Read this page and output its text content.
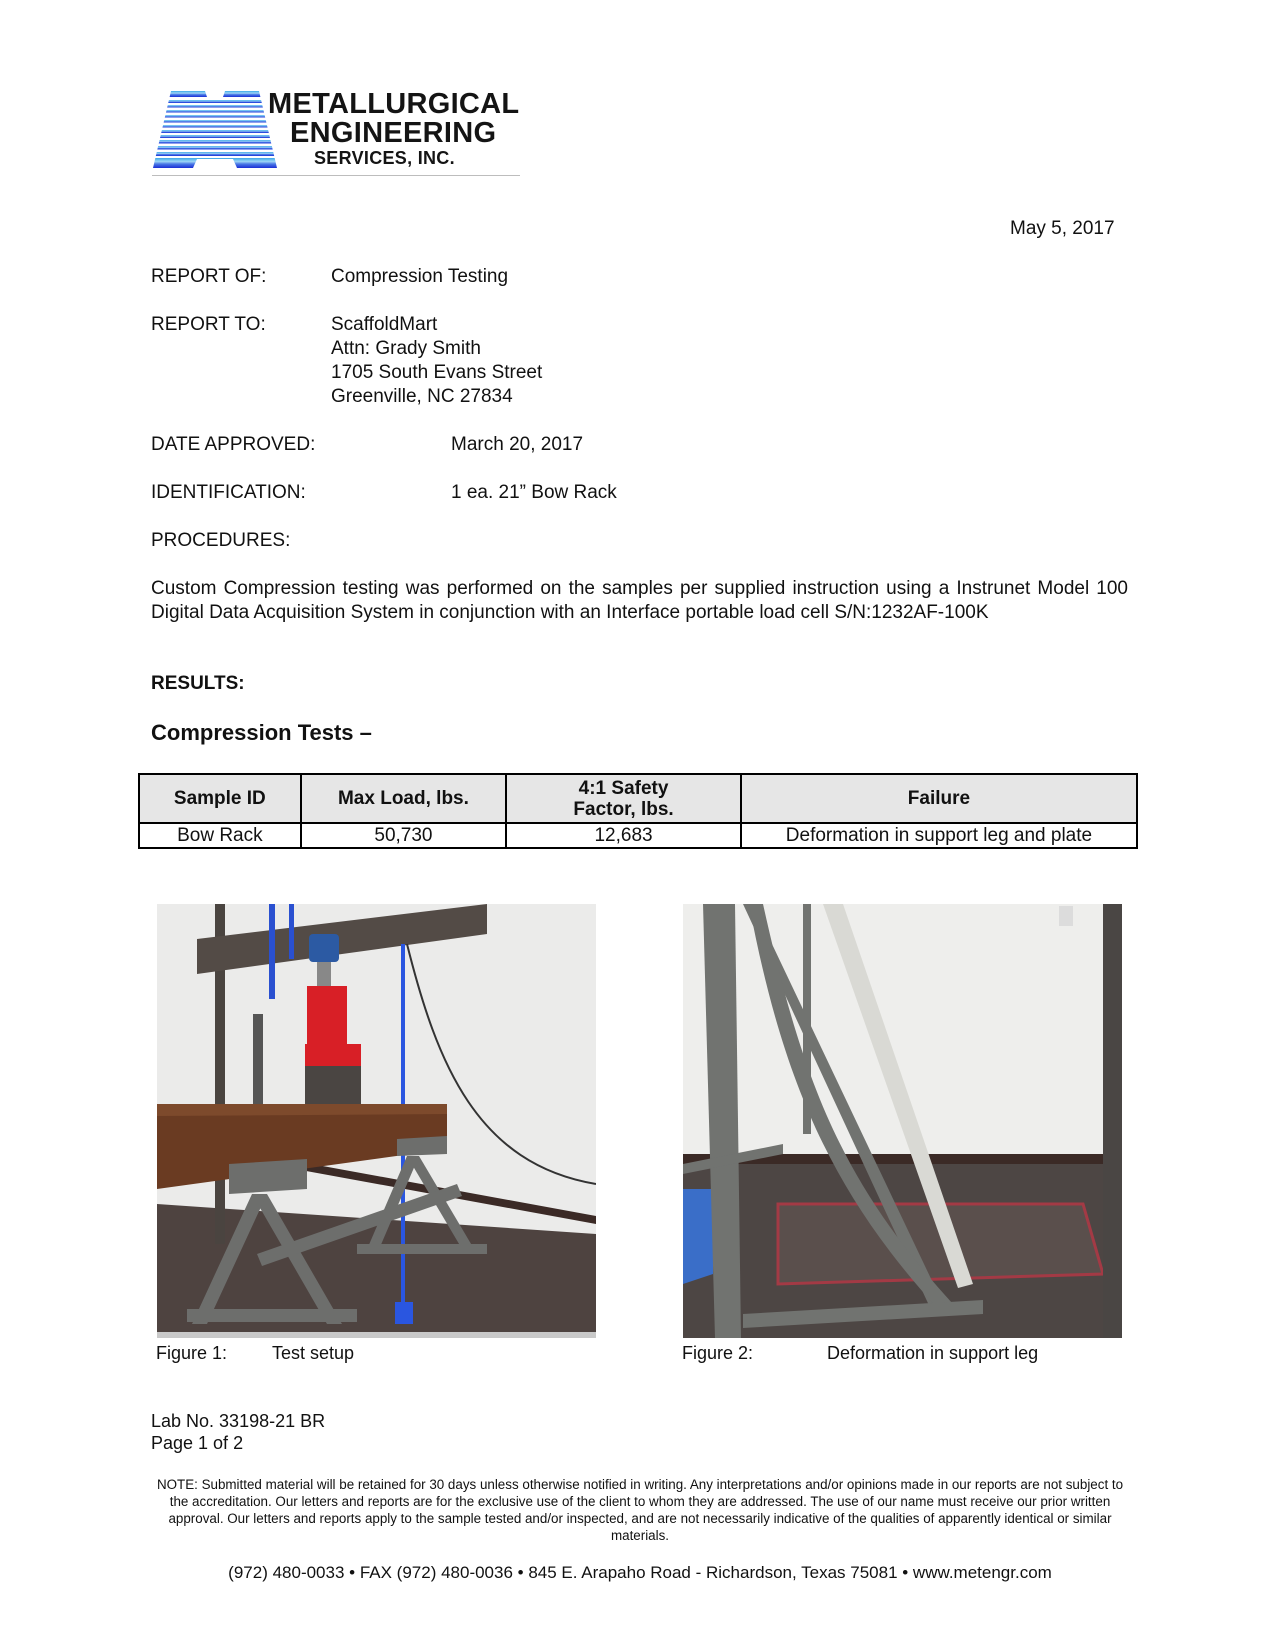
METALLURGICAL
ENGINEERING
SERVICES, INC.
May 5, 2017
REPORT OF:	Compression Testing
REPORT TO:	ScaffoldMart
Attn: Grady Smith
1705 South Evans Street
Greenville, NC 27834
DATE APPROVED:	March 20, 2017
IDENTIFICATION:	1 ea. 21” Bow Rack
PROCEDURES:
Custom Compression testing was performed on the samples per supplied instruction using a Instrunet Model 100 Digital Data Acquisition System in conjunction with an Interface portable load cell S/N:1232AF-100K
RESULTS:
Compression Tests –
Sample ID	Max Load, lbs.	4:1 Safety Factor, lbs.	Failure
Bow Rack	50,730	12,683	Deformation in support leg and plate
Figure 1: Test setup	Figure 2:	Deformation in support leg
Lab No. 33198-21 BR
Page 1 of 2
NOTE: Submitted material will be retained for 30 days unless otherwise notified in writing. Any interpretations and/or opinions made in our reports are not subject to the accreditation. Our letters and reports are for the exclusive use of the client to whom they are addressed. The use of our name must receive our prior written approval. Our letters and reports apply to the sample tested and/or inspected, and are not necessarily indicative of the qualities of apparently identical or similar materials.
(972) 480-0033 • FAX (972) 480-0036 • 845 E. Arapaho Road - Richardson, Texas 75081 • www.metengr.com
